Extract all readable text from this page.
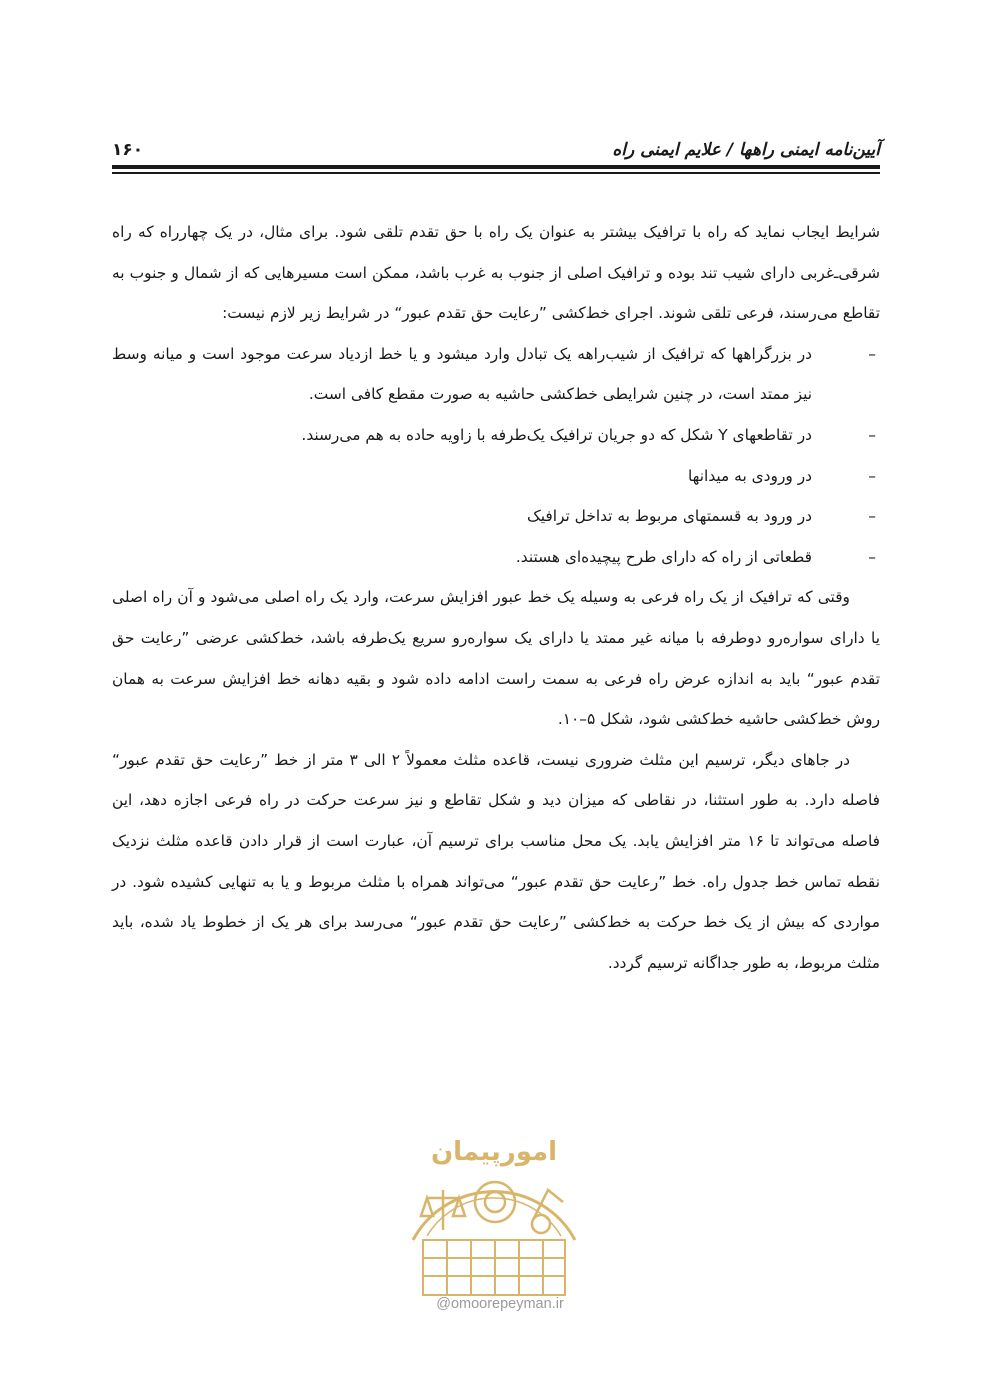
آیین‌نامه ایمنی راهها / علایم ایمنی راه
۱۶۰

شرایط ایجاب نماید که راه با ترافیک بیشتر به عنوان یک راه با حق تقدم تلقی شود. برای مثال، در یک چهارراه که راه شرقی‌ـ‌غربی دارای شیب تند بوده و ترافیک اصلی از جنوب به غرب باشد، ممکن است مسیرهایی که از شمال و جنوب به تقاطع می‌رسند، فرعی تلقی شوند. اجرای خط‌کشی ”رعایت حق تقدم عبور“ در شرایط زیر لازم نیست:

–
در بزرگراهها که ترافیک از شیب‌راهه یک تبادل وارد میشود و یا خط ازدیاد سرعت موجود است و میانه وسط نیز ممتد است، در چنین شرایطی خط‌کشی حاشیه به صورت مقطع کافی است.
–
در تقاطعهای Y شکل که دو جریان ترافیک یک‌طرفه با زاویه حاده به هم می‌رسند.
–
در ورودی به میدانها
–
در ورود به قسمتهای مربوط به تداخل ترافیک
–
قطعاتی از راه که دارای طرح پیچیده‌ای هستند.

وقتی که ترافیک از یک راه فرعی به وسیله یک خط عبور افزایش سرعت، وارد یک راه اصلی می‌شود و آن راه اصلی یا دارای سواره‌رو دوطرفه با میانه غیر ممتد یا دارای یک سواره‌رو سریع یک‌طرفه باشد، خط‌کشی عرضی ”رعایت حق تقدم عبور“ باید به اندازه عرض راه فرعی به سمت راست ادامه داده شود و بقیه دهانه خط افزایش سرعت به همان روش خط‌کشی حاشیه خط‌کشی شود، شکل ۵–۱۰.

در جاهای دیگر، ترسیم این مثلث ضروری نیست، قاعده مثلث معمولاً ۲ الی ۳ متر از خط ”رعایت حق تقدم عبور“ فاصله دارد. به طور استثنا، در نقاطی که میزان دید و شکل تقاطع و نیز سرعت حرکت در راه فرعی اجازه دهد، این فاصله می‌تواند تا ۱۶ متر افزایش یابد. یک محل مناسب برای ترسیم آن، عبارت است از قرار دادن قاعده مثلث نزدیک نقطه تماس خط جدول راه. خط ”رعایت حق تقدم عبور“ می‌تواند همراه با مثلث مربوط و یا به تنهایی کشیده شود. در مواردی که بیش از یک خط حرکت به خط‌کشی ”رعایت حق تقدم عبور“ می‌رسد برای هر یک از خطوط یاد شده، باید مثلث مربوط، به طور جداگانه ترسیم گردد.

امورپیمان
@omoorepeyman.ir
